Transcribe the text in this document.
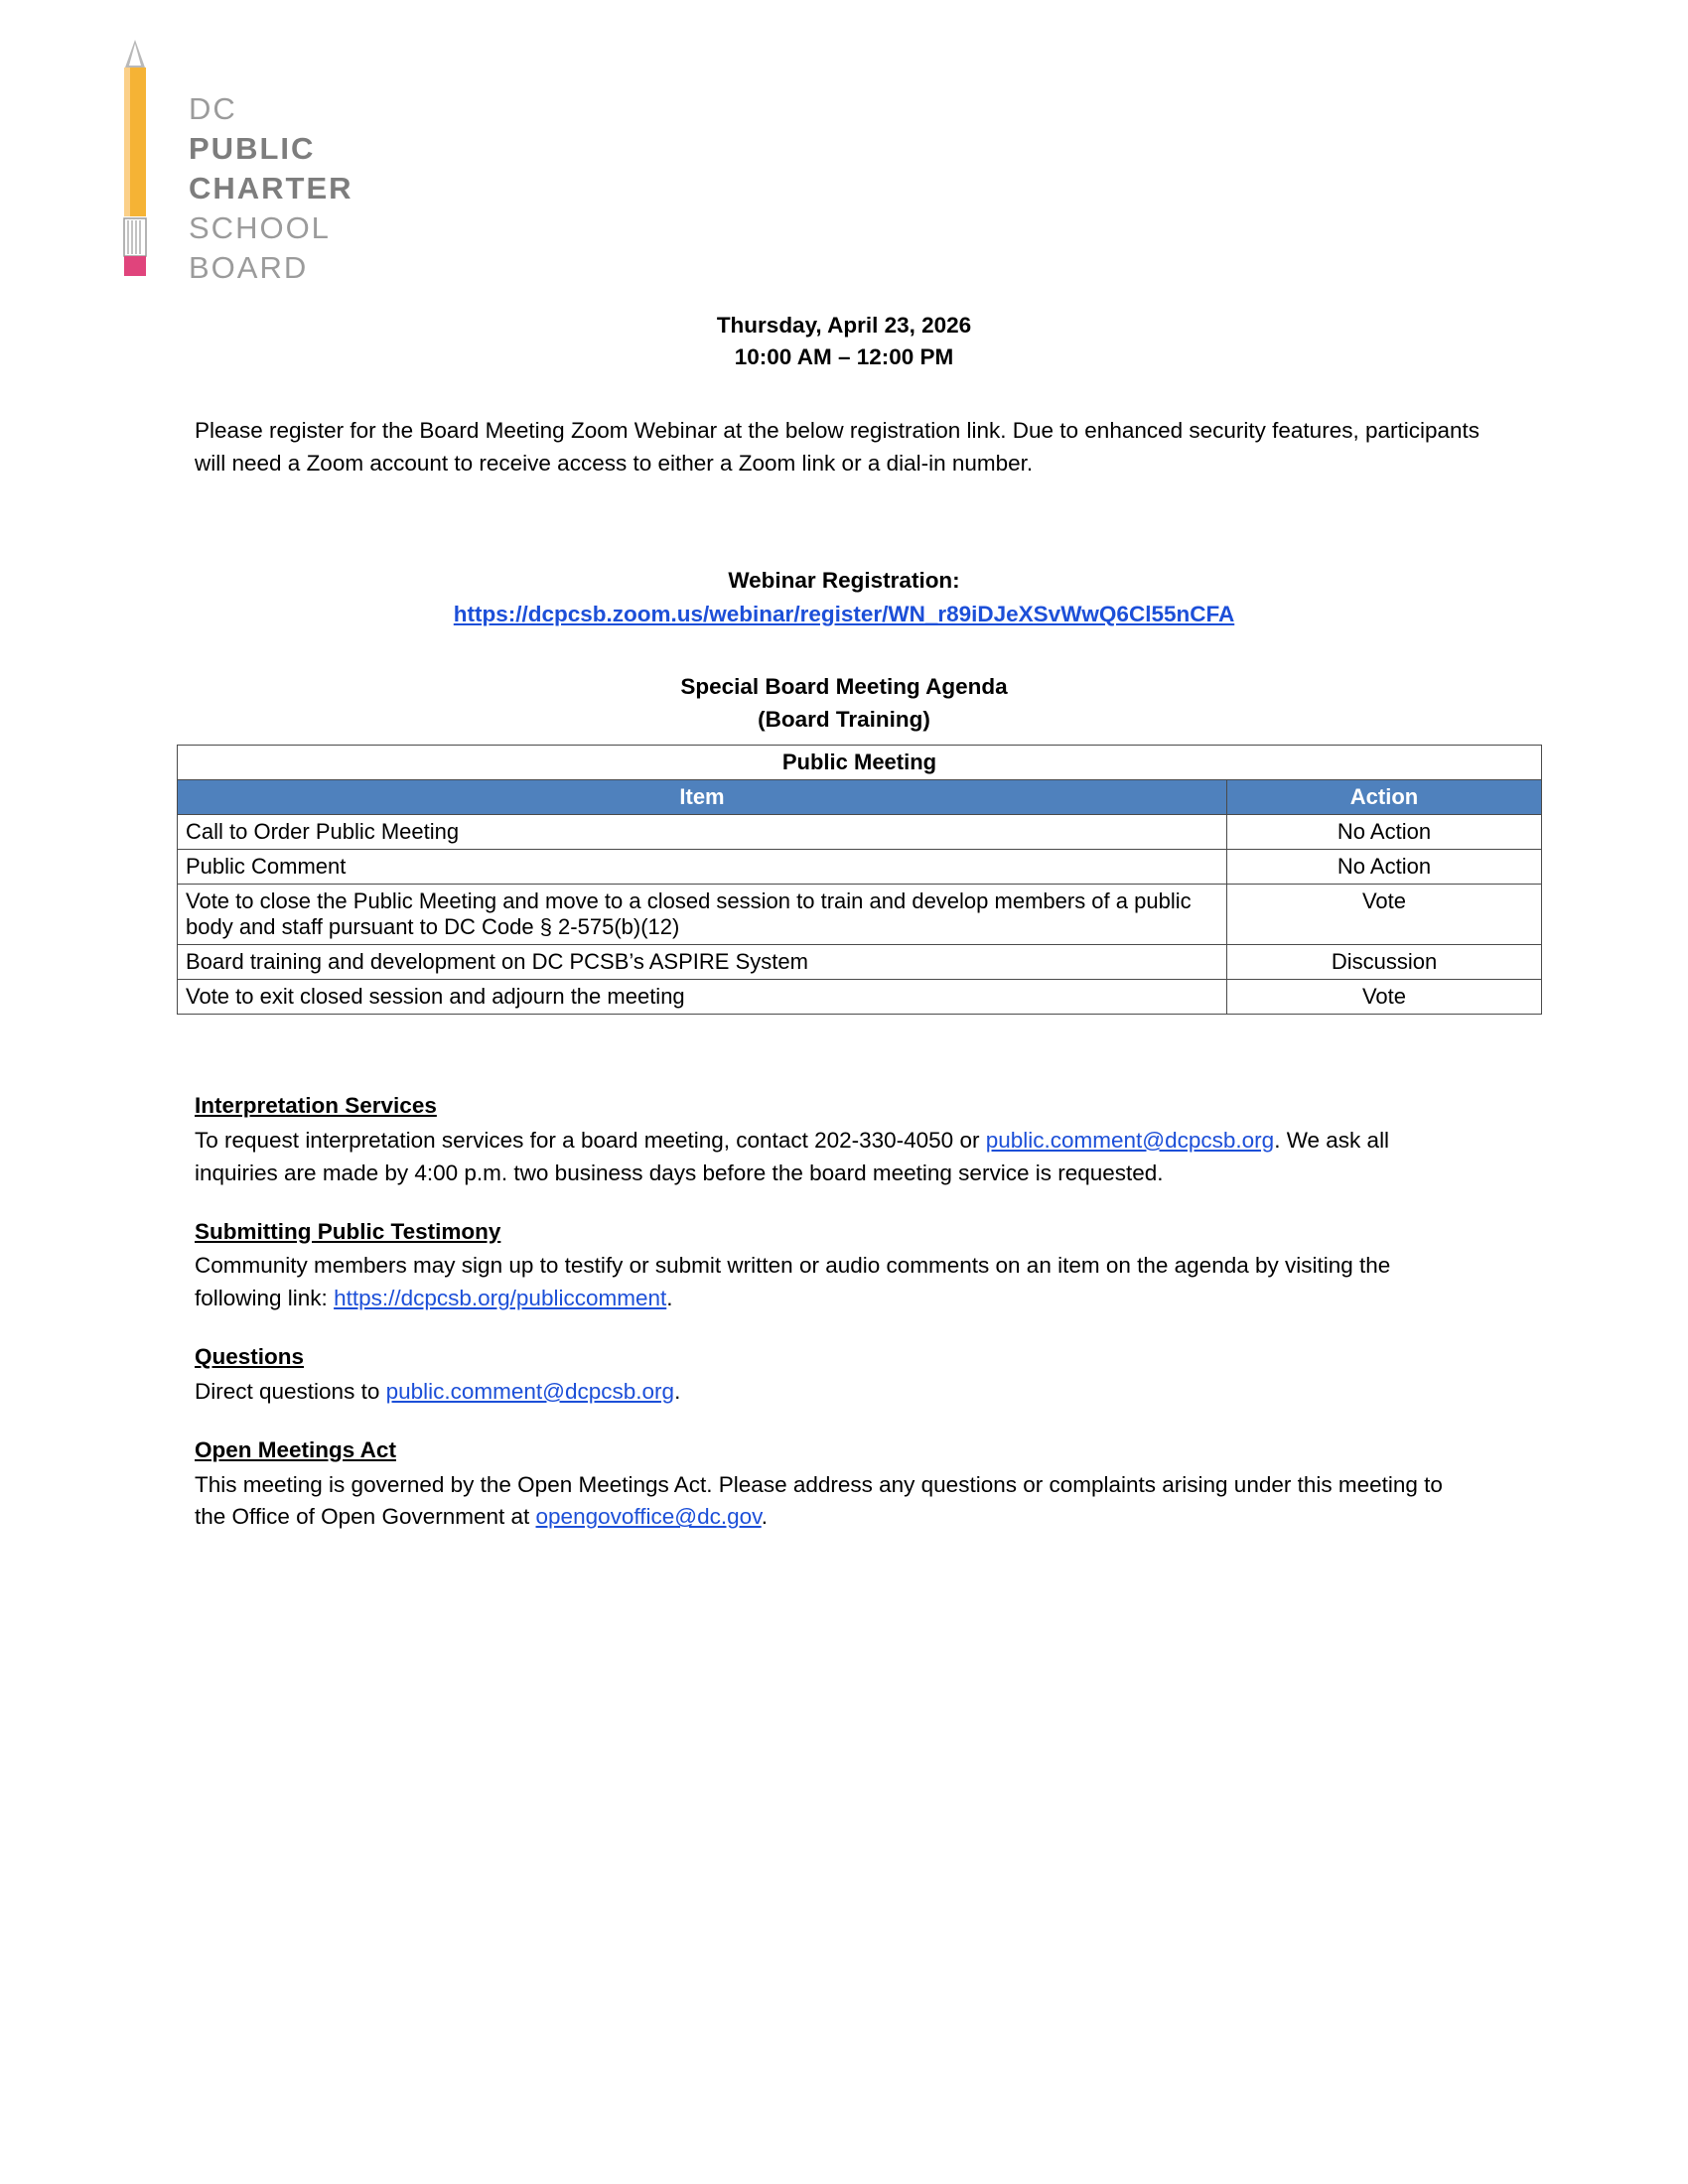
DC
PUBLIC
CHARTER
SCHOOL
BOARD
Thursday, April 23, 2026
10:00 AM – 12:00 PM
Please register for the Board Meeting Zoom Webinar at the below registration link. Due to enhanced security features, participants will need a Zoom account to receive access to either a Zoom link or a dial-in number.
Webinar Registration:
https://dcpcsb.zoom.us/webinar/register/WN_r89iDJeXSvWwQ6Cl55nCFA
Special Board Meeting Agenda
(Board Training)
Public Meeting	
Item	Action
Call to Order Public Meeting	No Action
Public Comment	No Action
Vote to close the Public Meeting and move to a closed session to train and develop members of a public body and staff pursuant to DC Code § 2-575(b)(12)	Vote
Board training and development on DC PCSB’s ASPIRE System	Discussion
Vote to exit closed session and adjourn the meeting	Vote
Interpretation Services

To request interpretation services for a board meeting, contact 202-330-4050 or public.comment@dcpcsb.org. We ask all inquiries are made by 4:00 p.m. two business days before the board meeting service is requested.

Submitting Public Testimony

Community members may sign up to testify or submit written or audio comments on an item on the agenda by visiting the following link: https://dcpcsb.org/publiccomment.

Questions

Direct questions to public.comment@dcpcsb.org.

Open Meetings Act

This meeting is governed by the Open Meetings Act. Please address any questions or complaints arising under this meeting to the Office of Open Government at opengovoffice@dc.gov.
